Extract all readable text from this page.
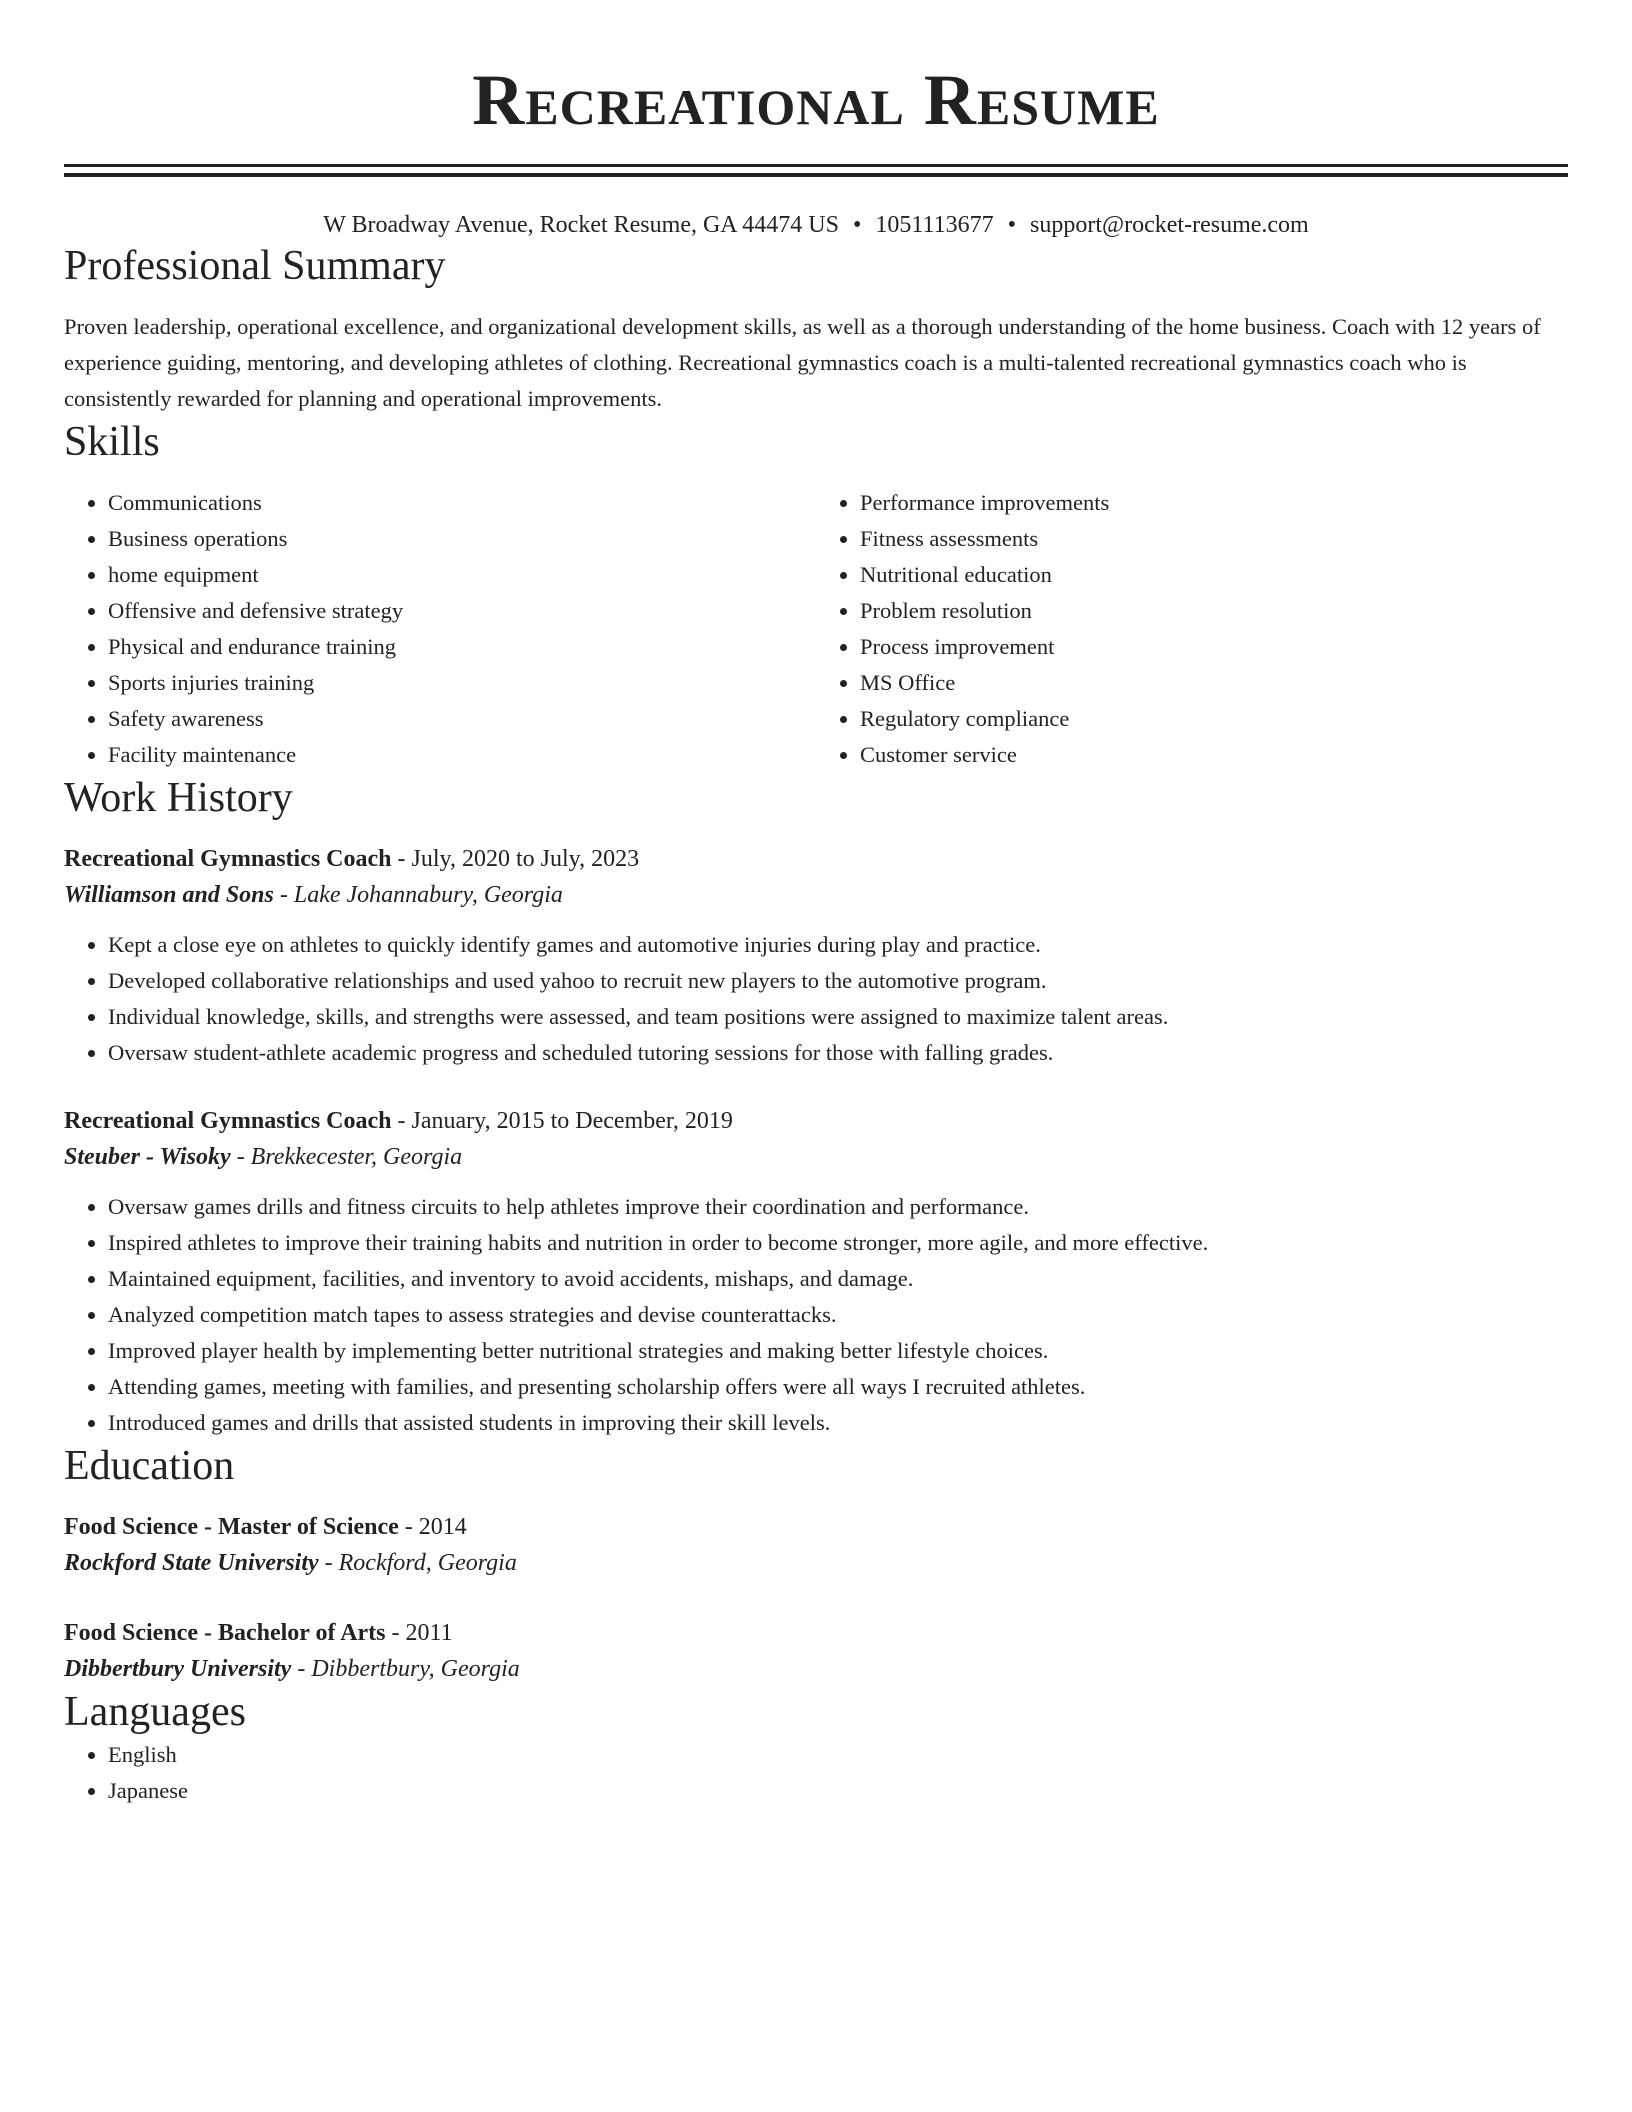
Recreational Resume
W Broadway Avenue, Rocket Resume, GA 44474 US • 1051113677 • support@rocket-resume.com
Professional Summary

Proven leadership, operational excellence, and organizational development skills, as well as a thorough understanding of the home business. Coach with 12 years of experience guiding, mentoring, and developing athletes of clothing. Recreational gymnastics coach is a multi-talented recreational gymnastics coach who is consistently rewarded for planning and operational improvements.

Skills
• Communications
• Business operations
• home equipment
• Offensive and defensive strategy
• Physical and endurance training
• Sports injuries training
• Safety awareness
• Facility maintenance
• Performance improvements
• Fitness assessments
• Nutritional education
• Problem resolution
• Process improvement
• MS Office
• Regulatory compliance
• Customer service
Work History
Recreational Gymnastics Coach - July, 2020 to July, 2023
Williamson and Sons - Lake Johannabury, Georgia
• Kept a close eye on athletes to quickly identify games and automotive injuries during play and practice.
• Developed collaborative relationships and used yahoo to recruit new players to the automotive program.
• Individual knowledge, skills, and strengths were assessed, and team positions were assigned to maximize talent areas.
• Oversaw student-athlete academic progress and scheduled tutoring sessions for those with falling grades.
Recreational Gymnastics Coach - January, 2015 to December, 2019
Steuber - Wisoky - Brekkecester, Georgia
• Oversaw games drills and fitness circuits to help athletes improve their coordination and performance.
• Inspired athletes to improve their training habits and nutrition in order to become stronger, more agile, and more effective.
• Maintained equipment, facilities, and inventory to avoid accidents, mishaps, and damage.
• Analyzed competition match tapes to assess strategies and devise counterattacks.
• Improved player health by implementing better nutritional strategies and making better lifestyle choices.
• Attending games, meeting with families, and presenting scholarship offers were all ways I recruited athletes.
• Introduced games and drills that assisted students in improving their skill levels.
Education
Food Science - Master of Science - 2014
Rockford State University - Rockford, Georgia
Food Science - Bachelor of Arts - 2011
Dibbertbury University - Dibbertbury, Georgia
Languages
• English
• Japanese
